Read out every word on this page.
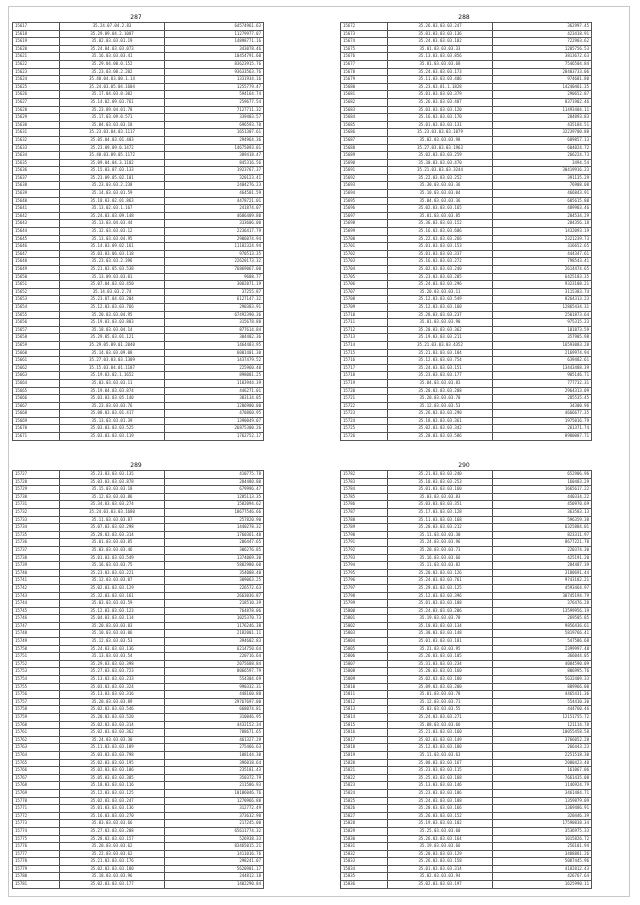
287
15617	35.24.07.04.2.83	64574961.63
15618	35.29.09.04.2.1087	11279977.07
15619	35.02.03.03.01.19	14898771.16
15620	35.24.04.03.03.073	343078.46
15621	35.16.03.03.03.41	10454791.60
15622	35.29.04.00.0.152	83623915.76
15623	35.23.03.00.2.202	93633563.76
15624	35.40.04.03.00.1.14	1331934.16
15625	35.24.03.05.04.1604	1255779.47
15626	35.17.04.03.0.302	594164.74
15627	35.14.02.09.03.761	259677.54
15628	35.23.09.04.01.78	7127711.32
15629	35.17.03.09.0.571	339403.57
15630	35.04.03.03.03.18	696593.70
15631	35.23.03.04.03.1117	1651307.61
15632	35.05.04.03.01.403	294964.36
15633	35.23.09.09.0.1472	14675093.01
15634	35.40.03.09.05.1172	389418.47
15635	35.09.04.04.3.1182	845316.56
15636	35.15.03.07.03.133	1923767.37
15637	35.23.09.05.02.101	320123.41
15638	35.23.03.03.2.238	2484276.23
15639	35.14.03.03.01.59	464501.59
15640	35.18.03.02.01.863	4478721.01
15641	35.13.02.03.1.167	241874.07
15642	35.24.03.03.09.148	4686409.80
15643	35.13.03.04.03.44	333606.00
15644	35.32.03.03.03.12	2236417.79
15645	35.13.03.03.04.95	2906074.94
15646	35.14.03.09.02.161	11102324.94
15647	35.03.03.06.03.118	970513.35
15648	35.23.03.03.2.396	22620173.32
15649	35.21.03.05.03.538	76869067.00
15650	35.13.09.03.03.01	9688.77
15651	35.07.04.03.03.450	3082071.19
15652	35.14.03.03.2.74	37255.87
15653	35.23.07.04.03.204	6127147.32
15654	35.12.03.03.03.766	290383.91
15655	35.20.03.03.04.95	67492390.36
15656	35.19.03.03.03.803	315678.88
15657	35.18.03.03.04.14	877614.84
15658	35.29.05.03.01.121	304482.36
15659	35.29.05.09.01.2040	1464483.95
15660	35.14.03.03.09.08	6001401.30
15661	35.27.03.03.03.1309	1437479.52
15662	35.15.03.04.01.1187	225960.40
15663	35.19.03.02.1.1652	898001.25
15664	35.03.03.03.03.11	1103944.39
15665	35.19.04.03.03.874	446271.01
15666	35.03.03.03.05.140	303134.05
15667	35.23.03.03.03.76	1206900.00
15668	35.08.03.03.01.417	470860.95
15669	35.13.03.03.01.39	1390049.07
15670	35.03.03.03.03.525	26875300.26
15671	35.03.03.03.03.119	1762752.17
288
15672	35.26.03.03.03.247	362997.45
15673	35.01.03.03.03.136	423418.91
15674	35.24.03.03.03.182	722903.62
15675	35.01.03.03.03.33	1205756.53
15676	35.13.03.03.03.856	3813672.63
15677	35.01.03.03.03.68	7546504.84
15678	35.24.03.03.03.173	28403733.06
15679	35.11.03.03.03.406	974601.80
15680	35.23.03.01.1.1828	14240461.35
15681	35.01.03.03.03.379	290652.87
15682	35.26.03.03.03.407	8371902.46
15683	35.03.03.03.03.120	11493404.11
15684	35.16.03.03.03.170	284893.83
15685	35.01.03.03.03.131	435184.51
15686	35.23.03.03.03.1079	32239700.88
15687	35.02.03.03.03.98	689857.13
15688	35.27.03.03.03.1963	604024.72
15689	35.02.03.03.03.259	266224.73
15690	35.30.03.03.03.470	3494.54
15691	35.21.03.03.03.3244	30419916.23
15692	35.22.03.03.03.252	391135.29
15693	35.30.03.03.03.36	76908.08
15694	35.10.03.03.03.04	466843.91
15695	35.04.03.03.03.36	605615.80
15696	35.02.03.03.03.165	489903.46
15697	35.01.03.03.03.85	204534.29
15698	35.36.03.03.03.152	284356.18
15699	35.16.03.03.03.606	1432093.19
15700	35.22.03.03.03.266	2321239.73
15701	35.01.03.03.03.153	316652.65
15702	35.01.03.03.03.337	444347.61
15703	35.16.03.03.03.272	798543.41
15704	35.02.03.03.03.240	2614474.65
15705	35.23.03.03.03.205	6425183.35
15706	35.24.03.03.03.296	9323108.21
15707	35.20.03.03.03.11	3115383.74
15708	35.12.03.03.03.549	8264313.23
15709	35.12.03.03.03.160	12865434.31
15710	35.28.03.03.03.237	2501873.64
15711	35.01.03.03.03.90	975315.23
15712	35.20.03.03.03.362	181873.59
15713	35.19.03.03.03.211	357905.98
15714	35.21.03.03.03.4352	16593083.28
15715	35.21.03.03.03.184	2169974.94
15716	35.12.03.03.03.754	639482.61
15717	35.24.03.03.03.151	13443488.39
15718	35.23.03.03.03.177	905146.71
15719	35.04.03.03.03.83	777732.31
15720	35.20.03.03.03.208	2964313.09
15721	35.20.03.03.03.70	285535.45
15722	35.12.03.03.03.53	34300.96
15723	35.26.03.03.03.290	4666677.35
15724	35.18.03.03.03.361	1975016.79
15725	35.02.03.03.03.342	261371.74
15726	35.20.03.03.03.586	8980087.71
289
15727	35.23.03.03.03.135	410775.78
15728	35.03.03.03.03.878	284480.80
15729	35.15.03.03.03.18	679996.47
15730	35.12.03.03.03.86	1205113.35
15731	35.34.03.03.03.274	1582094.62
15732	35.24.03.03.03.1680	18677546.66
15733	35.11.03.03.03.87	257820.90
15734	35.07.03.03.03.298	1440278.32
15735	35.28.03.03.03.314	1760361.40
15736	35.01.03.03.03.85	206447.65
15737	35.03.03.03.03.46	306276.85
15738	35.01.03.03.03.549	1374069.30
15739	35.16.03.03.03.75	5802980.60
15740	35.23.03.03.03.221	354008.40
15741	35.12.03.03.03.07	309063.25
15742	35.02.03.03.03.129	226572.63
15743	35.32.03.03.03.161	2663036.87
15744	35.03.03.03.03.59	218510.39
15745	35.12.03.03.03.123	764878.06
15746	35.04.03.03.03.114	1025370.73
15747	35.20.03.03.03.83	1176246.38
15748	35.10.03.03.03.06	2182001.11
15749	35.12.03.03.03.53	394602.83
15750	35.24.03.03.03.136	6214750.64
15751	35.13.03.03.03.54	220716.64
15752	35.29.03.03.03.398	2075688.84
15753	35.27.03.03.03.723	8066597.79
15754	35.13.03.03.03.233	554304.69
15755	35.03.03.03.03.324	990332.31
15756	35.13.03.03.03.316	448160.88
15757	35.20.03.03.03.89	29767697.00
15758	35.02.03.03.03.546	668074.81
15759	35.20.03.03.03.520	310046.95
15760	35.02.03.03.03.314	4432152.34
15761	35.02.03.03.03.362	788671.65
15762	35.24.03.03.03.30	461327.29
15763	35.11.03.03.03.189	275466.63
15764	35.03.03.03.03.798	108144.30
15765	35.02.03.03.03.195	396018.64
15766	35.02.03.03.03.106	235181.43
15767	35.05.03.03.03.305	350372.79
15768	35.18.03.03.03.116	211586.93
15769	35.12.03.03.03.125	10106046.76
15770	35.02.03.03.03.247	1270966.88
15771	35.01.03.03.03.136	312772.49
15772	35.16.03.03.03.270	373632.90
15773	35.03.03.03.03.66	217245.00
15774	35.27.03.03.03.208	65611774.32
15775	35.28.03.03.03.157	526938.33
15776	35.20.03.03.03.62	83465015.21
15777	35.22.03.03.03.62	1411016.76
15778	35.21.03.03.03.176	298241.07
15779	35.02.03.03.03.180	5620901.17
15780	35.18.03.03.03.96	244812.18
15781	35.02.03.03.03.177	1402290.84
290
15782	35.21.03.03.03.240	652906.96
15783	35.10.03.03.03.253	160483.29
15784	35.01.03.03.03.160	1665617.22
15785	35.03.03.03.03.83	440334.22
15786	35.03.03.03.03.351	450970.69
15787	35.17.03.03.03.128	363583.13
15788	35.11.03.03.03.168	596359.38
15789	35.20.03.03.03.212	6325884.01
15790	35.11.03.03.03.30	823311.97
15791	35.24.03.03.03.96	8677221.70
15792	35.20.03.03.03.73	220374.30
15793	35.16.03.03.03.66	425191.20
15794	35.11.03.03.03.82	284487.39
15795	35.20.03.03.03.126	3180691.44
15796	35.24.03.03.03.761	9743182.21
15797	35.29.03.03.03.125	4593464.97
15798	35.12.03.03.03.396	30745194.79
15799	35.01.03.03.03.108	376476.28
15800	35.24.03.03.03.206	13599956.19
15801	35.19.03.03.03.70	269505.85
15802	35.10.03.03.03.134	9856436.61
15803	35.30.03.03.03.148	5819766.41
15804	35.01.03.03.03.181	547586.68
15805	35.21.03.03.03.95	2399997.48
15806	35.26.03.03.03.105	366044.05
15807	35.31.03.03.03.234	4084590.09
15808	35.20.03.03.03.160	806995.76
15809	35.02.03.03.03.180	5632409.33
15810	35.09.03.03.03.200	809966.00
15811	35.01.03.03.03.78	4465431.36
15812	35.12.03.03.03.71	554410.30
15813	35.03.03.03.03.55	444760.46
15814	35.24.03.03.03.271	12151755.72
15815	35.08.03.03.03.66	121114.78
15816	35.21.03.03.03.160	10055458.58
15817	35.02.03.03.03.149	3766052.28
15818	35.12.03.03.03.180	266443.23
15819	35.11.03.03.03.63	2251518.30
15820	35.08.03.03.03.167	2080423.40
15821	35.23.03.03.03.115	161067.06
15822	35.25.03.03.03.168	7661435.08
15823	35.13.03.03.03.146	1146924.79
15824	35.23.03.03.03.106	3461484.71
15825	35.24.03.03.03.188	1359879.09
15826	35.20.03.03.03.166	1369486.91
15827	35.26.03.03.03.152	320446.39
15828	35.19.03.03.03.102	17590838.34
15829	35.25.03.03.03.60	3536975.33
15830	35.26.03.03.03.164	1015826.72
15831	35.19.03.03.03.66	256101.94
15832	35.20.03.03.03.129	3488881.26
15833	35.26.03.03.03.158	5087445.96
15834	35.01.03.03.03.314	4182812.43
15835	35.02.03.03.03.94	426767.64
15836	35.02.03.03.03.197	1625990.11
